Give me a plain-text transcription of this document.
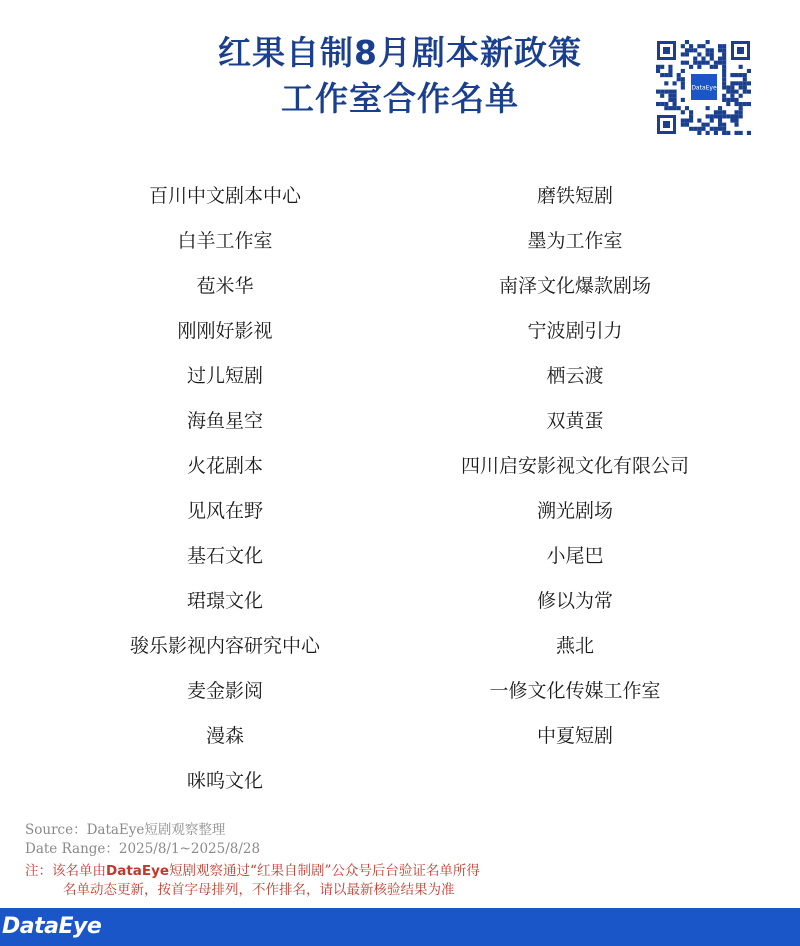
红果自制8月剧本新政策
工作室合作名单	DataEye
百川中文剧本中心
白羊工作室
苞米华
刚刚好影视
过儿短剧
海鱼星空
火花剧本
见风在野
基石文化
珺璟文化
骏乐影视内容研究中心
麦金影阅
漫森
咪呜文化
磨铁短剧
墨为工作室
南泽文化爆款剧场
宁波剧引力
栖云渡
双黄蛋
四川启安影视文化有限公司
溯光剧场
小尾巴
修以为常
燕北
一修文化传媒工作室
中夏短剧
Source：DataEye短剧观察整理
Date Range：2025/8/1~2025/8/28
注：该名单由DataEye短剧观察通过“红果自制剧”公众号后台验证名单所得
名单动态更新，按首字母排列，不作排名，请以最新核验结果为准
DataEye
